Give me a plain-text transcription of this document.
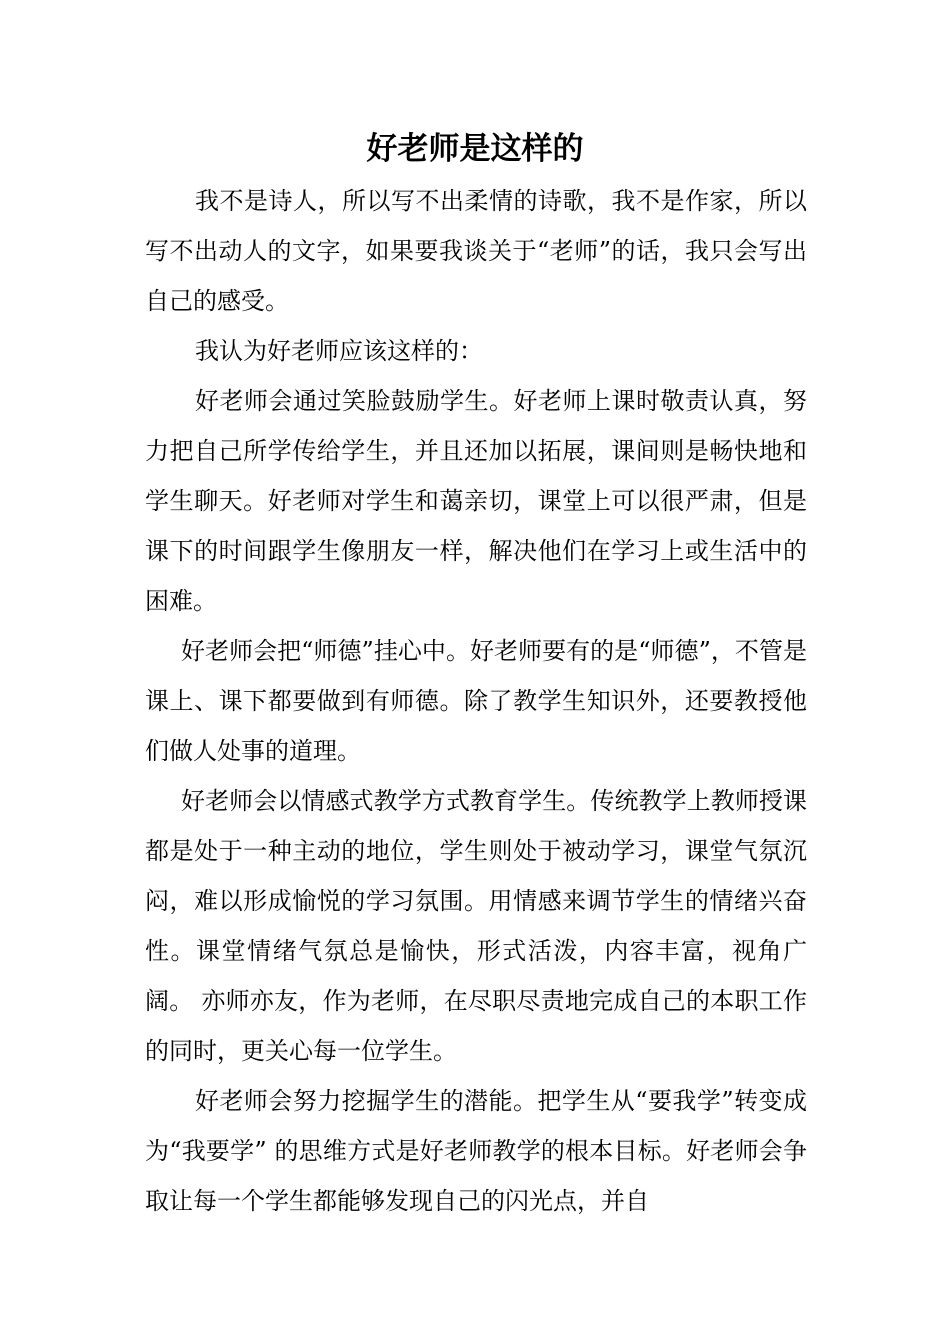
好老师是这样的

我不是诗人，所以写不出柔情的诗歌，我不是作家，所以写不出动人的文字，如果要我谈关于“老师”的话，我只会写出自己的感受。

我认为好老师应该这样的：

好老师会通过笑脸鼓励学生。好老师上课时敬责认真，努力把自己所学传给学生，并且还加以拓展，课间则是畅快地和学生聊天。好老师对学生和蔼亲切，课堂上可以很严肃，但是课下的时间跟学生像朋友一样，解决他们在学习上或生活中的困难。

好老师会把“师德”挂心中。好老师要有的是“师德”，不管是课上、课下都要做到有师德。除了教学生知识外，还要教授他们做人处事的道理。

好老师会以情感式教学方式教育学生。传统教学上教师授课都是处于一种主动的地位，学生则处于被动学习，课堂气氛沉闷，难以形成愉悦的学习氛围。用情感来调节学生的情绪兴奋性。课堂情绪气氛总是愉快，形式活泼，内容丰富，视角广阔。 亦师亦友，作为老师，在尽职尽责地完成自己的本职工作的同时，更关心每一位学生。

好老师会努力挖掘学生的潜能。把学生从“要我学”转变成为“我要学” 的思维方式是好老师教学的根本目标。好老师会争取让每一个学生都能够发现自己的闪光点，并自
